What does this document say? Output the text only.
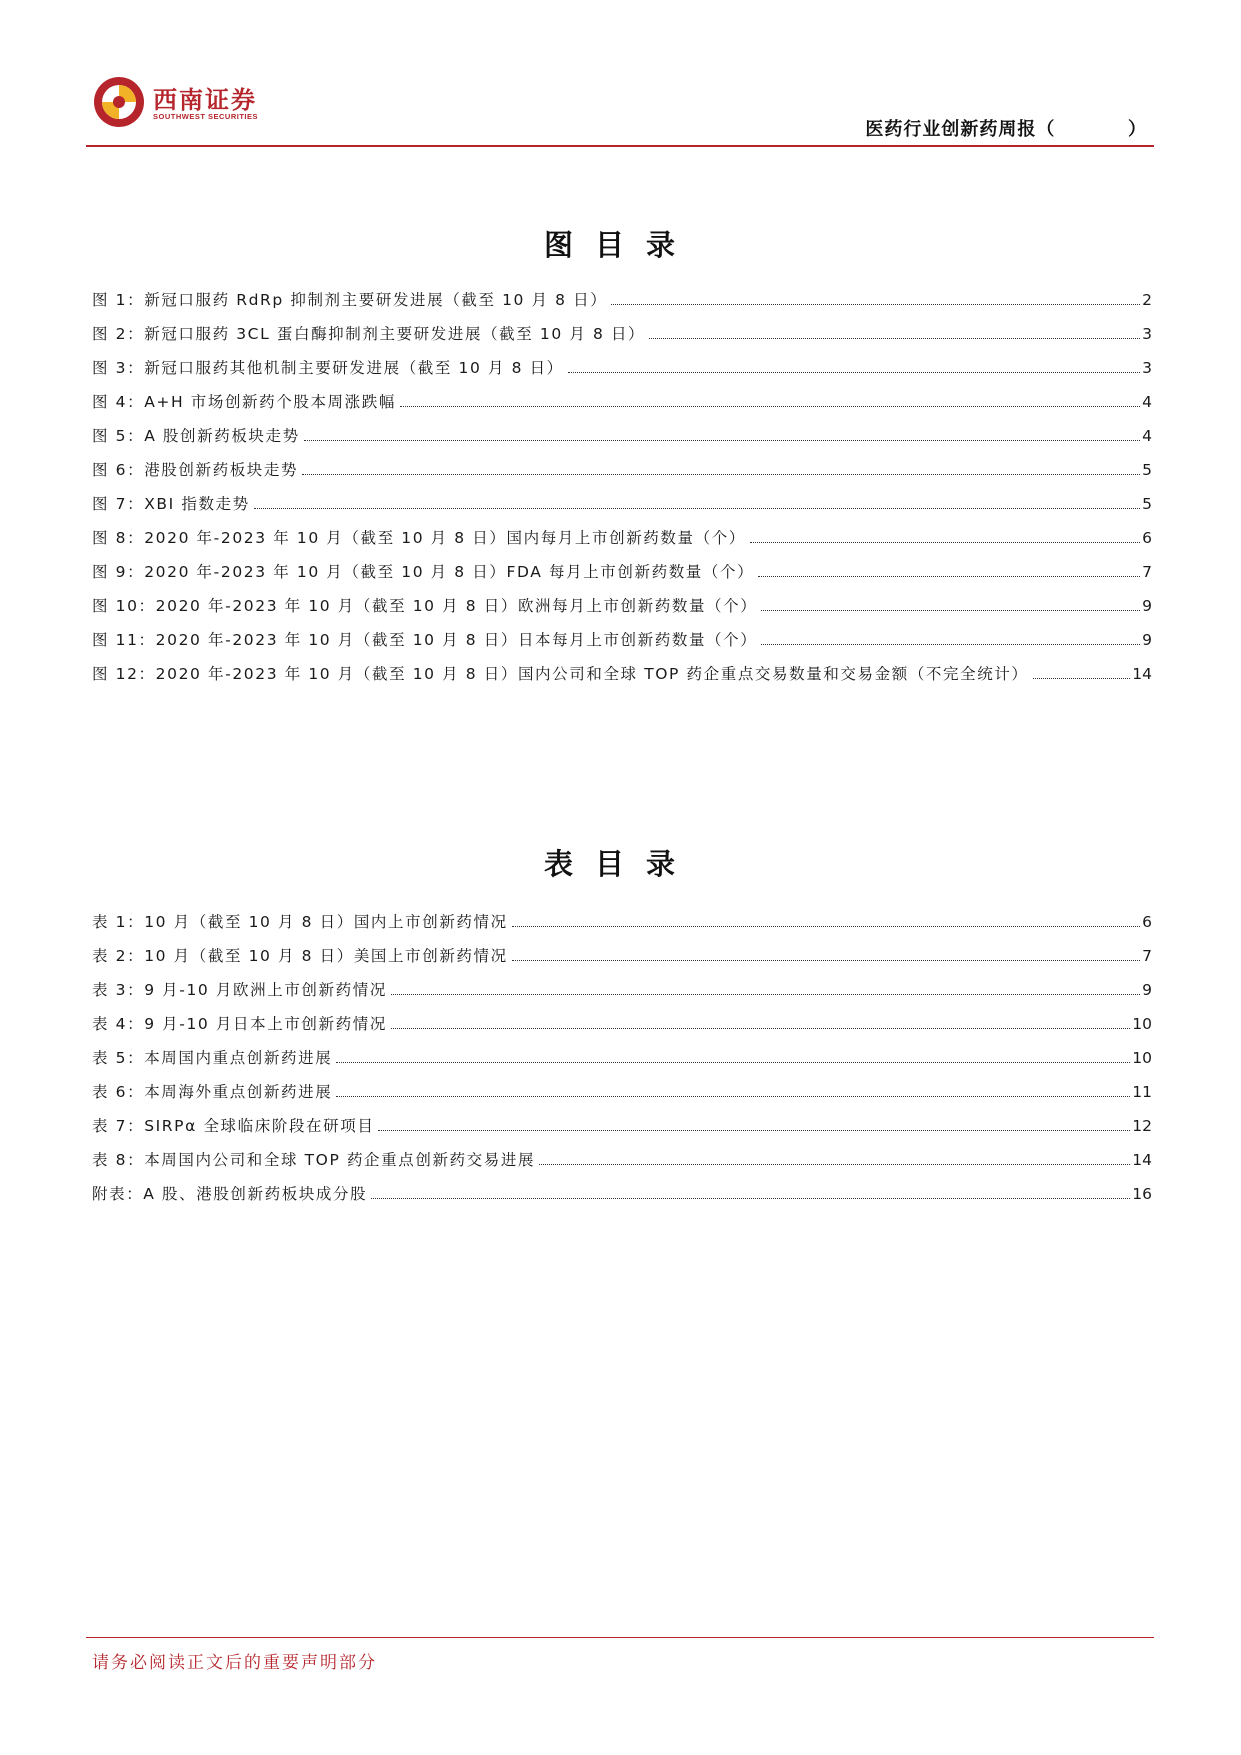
西南证券
SOUTHWEST SECURITIES
医药行业创新药周报（          ）
图目录
图 1：新冠口服药 RdRp 抑制剂主要研发进展（截至 10 月 8 日）	2
图 2：新冠口服药 3CL 蛋白酶抑制剂主要研发进展（截至 10 月 8 日）	3
图 3：新冠口服药其他机制主要研发进展（截至 10 月 8 日）	3
图 4：A+H 市场创新药个股本周涨跌幅	4
图 5：A 股创新药板块走势	4
图 6：港股创新药板块走势	5
图 7：XBI 指数走势	5
图 8：2020 年-2023 年 10 月（截至 10 月 8 日）国内每月上市创新药数量（个）	6
图 9：2020 年-2023 年 10 月（截至 10 月 8 日）FDA 每月上市创新药数量（个）	7
图 10：2020 年-2023 年 10 月（截至 10 月 8 日）欧洲每月上市创新药数量（个）	9
图 11：2020 年-2023 年 10 月（截至 10 月 8 日）日本每月上市创新药数量（个）	9
图 12：2020 年-2023 年 10 月（截至 10 月 8 日）国内公司和全球 TOP 药企重点交易数量和交易金额（不完全统计）	14
表目录
表 1：10 月（截至 10 月 8 日）国内上市创新药情况	6
表 2：10 月（截至 10 月 8 日）美国上市创新药情况	7
表 3：9 月-10 月欧洲上市创新药情况	9
表 4：9 月-10 月日本上市创新药情况	10
表 5：本周国内重点创新药进展	10
表 6：本周海外重点创新药进展	11
表 7：SIRPα 全球临床阶段在研项目	12
表 8：本周国内公司和全球 TOP 药企重点创新药交易进展	14
附表：A 股、港股创新药板块成分股	16
请务必阅读正文后的重要声明部分
